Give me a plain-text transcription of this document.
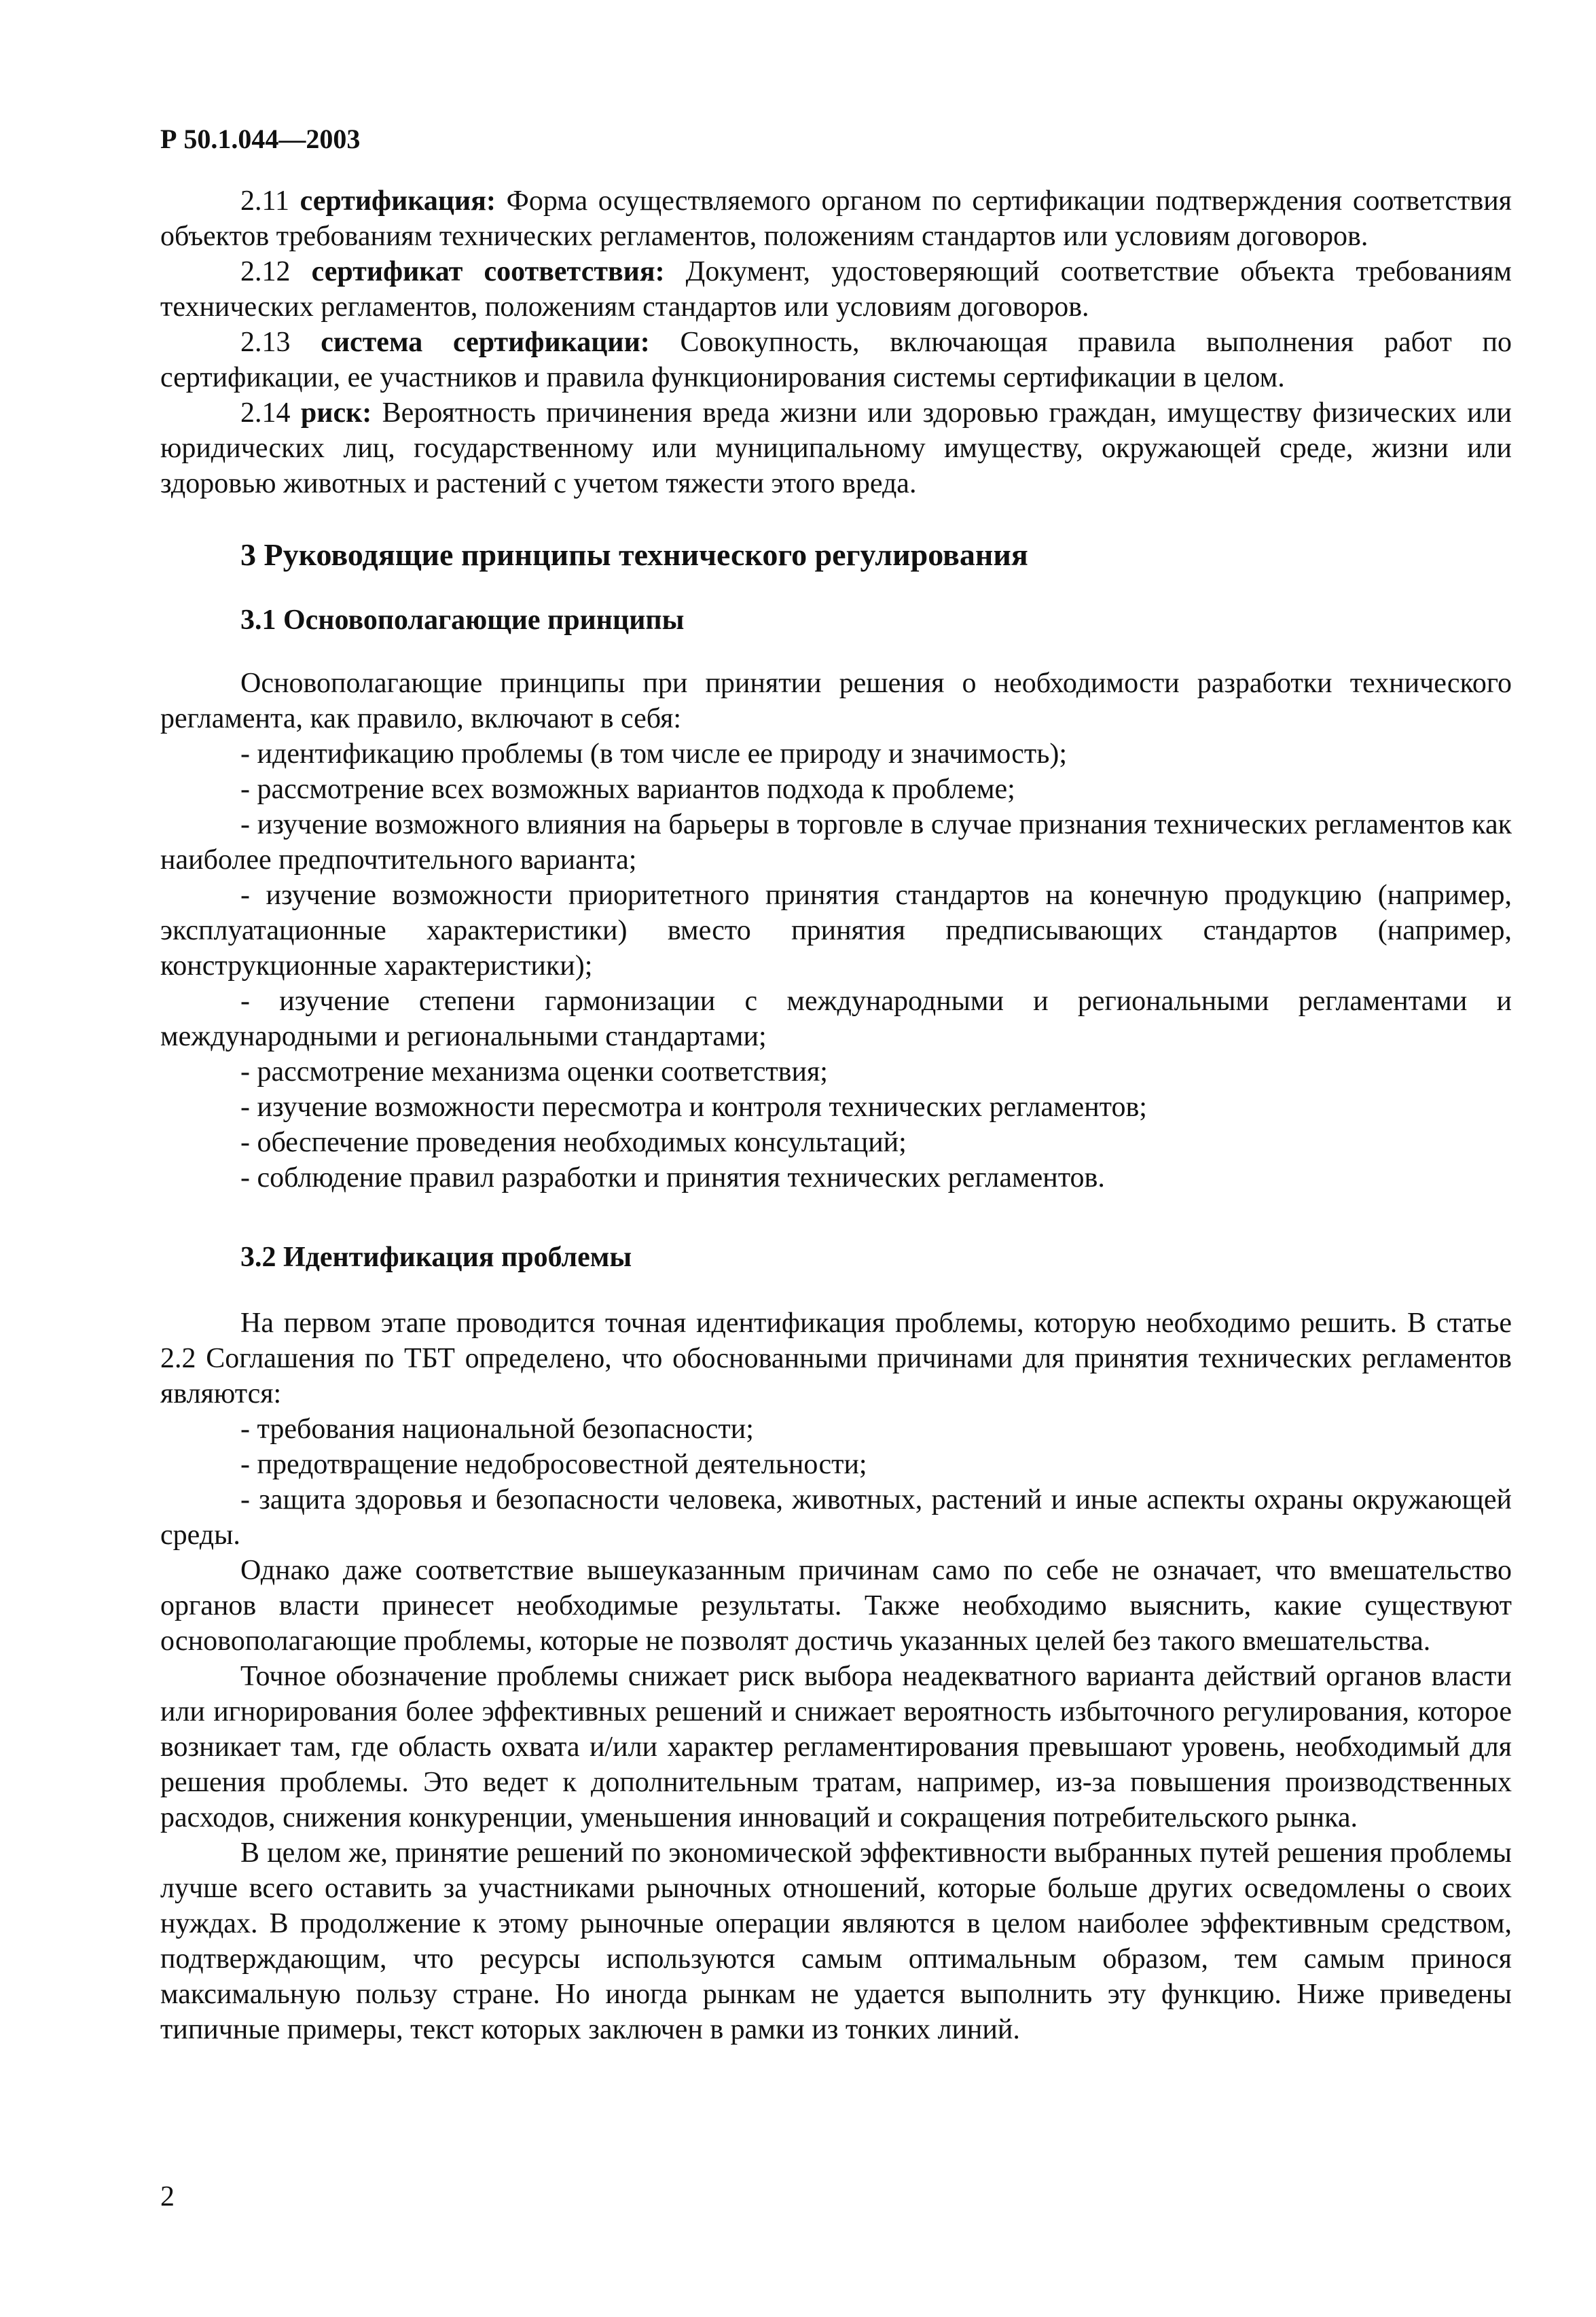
Р 50.1.044—2003

2.11 сертификация: Форма осуществляемого органом по сертификации подтверждения соответствия объектов требованиям технических регламентов, положениям стандартов или условиям договоров.

2.12 сертификат соответствия: Документ, удостоверяющий соответствие объекта требованиям технических регламентов, положениям стандартов или условиям договоров.

2.13 система сертификации: Совокупность, включающая правила выполнения работ по сертификации, ее участников и правила функционирования системы сертификации в целом.

2.14 риск: Вероятность причинения вреда жизни или здоровью граждан, имуществу физических или юридических лиц, государственному или муниципальному имуществу, окружающей среде, жизни или здоровью животных и растений с учетом тяжести этого вреда.

3 Руководящие принципы технического регулирования
3.1 Основополагающие принципы

Основополагающие принципы при принятии решения о необходимости разработки технического регламента, как правило, включают в себя:

- идентификацию проблемы (в том числе ее природу и значимость);
- рассмотрение всех возможных вариантов подхода к проблеме;
- изучение возможного влияния на барьеры в торговле в случае признания технических регламентов как наиболее предпочтительного варианта;
- изучение возможности приоритетного принятия стандартов на конечную продукцию (например, эксплуатационные характеристики) вместо принятия предписывающих стандартов (например, конструкционные характеристики);
- изучение степени гармонизации с международными и региональными регламентами и международными и региональными стандартами;
- рассмотрение механизма оценки соответствия;
- изучение возможности пересмотра и контроля технических регламентов;
- обеспечение проведения необходимых консультаций;
- соблюдение правил разработки и принятия технических регламентов.
3.2 Идентификация проблемы

На первом этапе проводится точная идентификация проблемы, которую необходимо решить. В статье 2.2 Соглашения по ТБТ определено, что обоснованными причинами для принятия технических регламентов являются:

- требования национальной безопасности;
- предотвращение недобросовестной деятельности;
- защита здоровья и безопасности человека, животных, растений и иные аспекты охраны окружающей среды.

Однако даже соответствие вышеуказанным причинам само по себе не означает, что вмешательство органов власти принесет необходимые результаты. Также необходимо выяснить, какие существуют основополагающие проблемы, которые не позволят достичь указанных целей без такого вмешательства.

Точное обозначение проблемы снижает риск выбора неадекватного варианта действий органов власти или игнорирования более эффективных решений и снижает вероятность избыточного регулирования, которое возникает там, где область охвата и/или характер регламентирования превышают уровень, необходимый для решения проблемы. Это ведет к дополнительным тратам, например, из-за повышения производственных расходов, снижения конкуренции, уменьшения инноваций и сокращения потребительского рынка.

В целом же, принятие решений по экономической эффективности выбранных путей решения проблемы лучше всего оставить за участниками рыночных отношений, которые больше других осведомлены о своих нуждах. В продолжение к этому рыночные операции являются в целом наиболее эффективным средством, подтверждающим, что ресурсы используются самым оптимальным образом, тем самым принося максимальную пользу стране. Но иногда рынкам не удается выполнить эту функцию. Ниже приведены типичные примеры, текст которых заключен в рамки из тонких линий.

2
